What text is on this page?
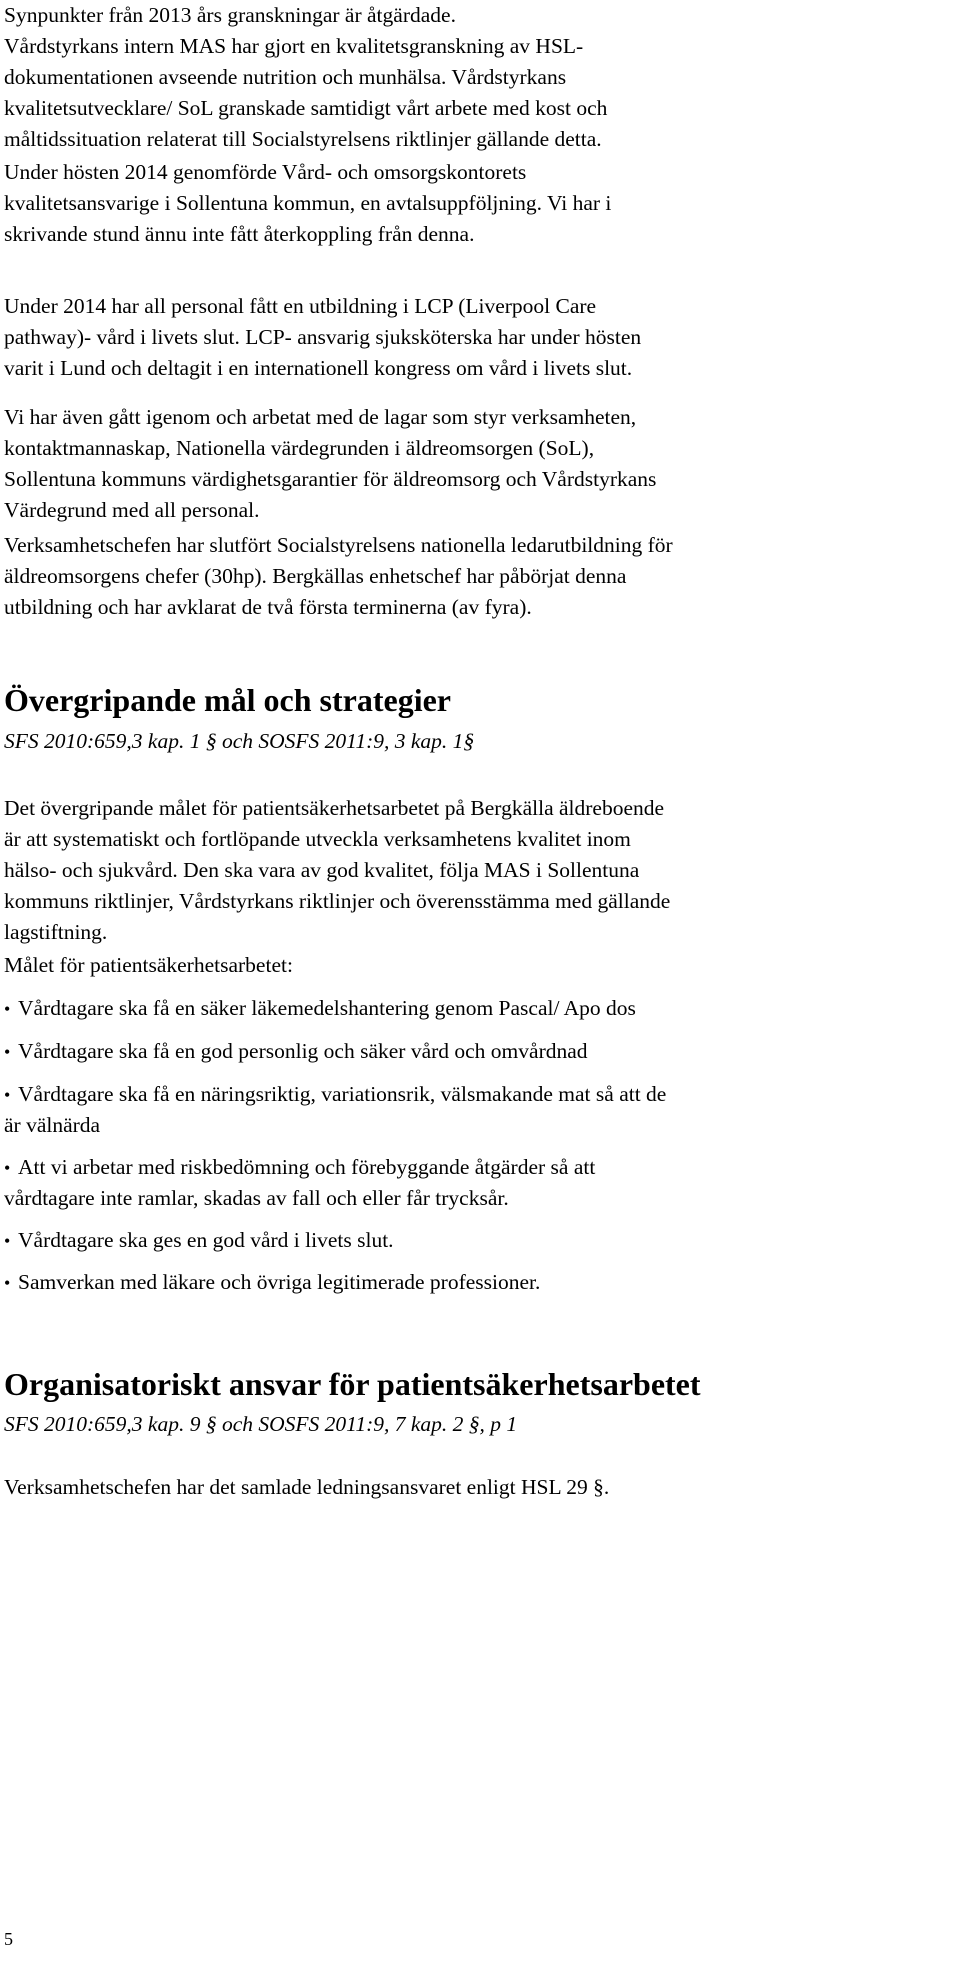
Synpunkter från 2013 års granskningar är åtgärdade.
Vårdstyrkans intern MAS har gjort en kvalitetsgranskning av HSL-
dokumentationen avseende nutrition och munhälsa. Vårdstyrkans
kvalitetsutvecklare/ SoL granskade samtidigt vårt arbete med kost och
måltidssituation relaterat till Socialstyrelsens riktlinjer gällande detta.
Under hösten 2014 genomförde Vård- och omsorgskontorets
kvalitetsansvarige i Sollentuna kommun, en avtalsuppföljning. Vi har i
skrivande stund ännu inte fått återkoppling från denna.
Under 2014 har all personal fått en utbildning i LCP (Liverpool Care
pathway)- vård i livets slut. LCP- ansvarig sjuksköterska har under hösten
varit i Lund och deltagit i en internationell kongress om vård i livets slut.
Vi har även gått igenom och arbetat med de lagar som styr verksamheten,
kontaktmannaskap, Nationella värdegrunden i äldreomsorgen (SoL),
Sollentuna kommuns värdighetsgarantier för äldreomsorg och Vårdstyrkans
Värdegrund med all personal.
Verksamhetschefen har slutfört Socialstyrelsens nationella ledarutbildning för
äldreomsorgens chefer (30hp). Bergkällas enhetschef har påbörjat denna
utbildning och har avklarat de två första terminerna (av fyra).
Övergripande mål och strategier
SFS 2010:659,3 kap. 1 § och SOSFS 2011:9, 3 kap. 1§
Det övergripande målet för patientsäkerhetsarbetet på Bergkälla äldreboende
är att systematiskt och fortlöpande utveckla verksamhetens kvalitet inom
hälso- och sjukvård. Den ska vara av god kvalitet, följa MAS i Sollentuna
kommuns riktlinjer, Vårdstyrkans riktlinjer och överensstämma med gällande
lagstiftning.
Målet för patientsäkerhetsarbetet:
• Vårdtagare ska få en säker läkemedelshantering genom Pascal/ Apo dos
• Vårdtagare ska få en god personlig och säker vård och omvårdnad
• Vårdtagare ska få en näringsriktig, variationsrik, välsmakande mat så att de
är välnärda
• Att vi arbetar med riskbedömning och förebyggande åtgärder så att
vårdtagare inte ramlar, skadas av fall och eller får trycksår.
• Vårdtagare ska ges en god vård i livets slut.
• Samverkan med läkare och övriga legitimerade professioner.
Organisatoriskt ansvar för patientsäkerhetsarbetet
SFS 2010:659,3 kap. 9 § och SOSFS 2011:9, 7 kap. 2 §, p 1
Verksamhetschefen har det samlade ledningsansvaret enligt HSL 29 §.
5
